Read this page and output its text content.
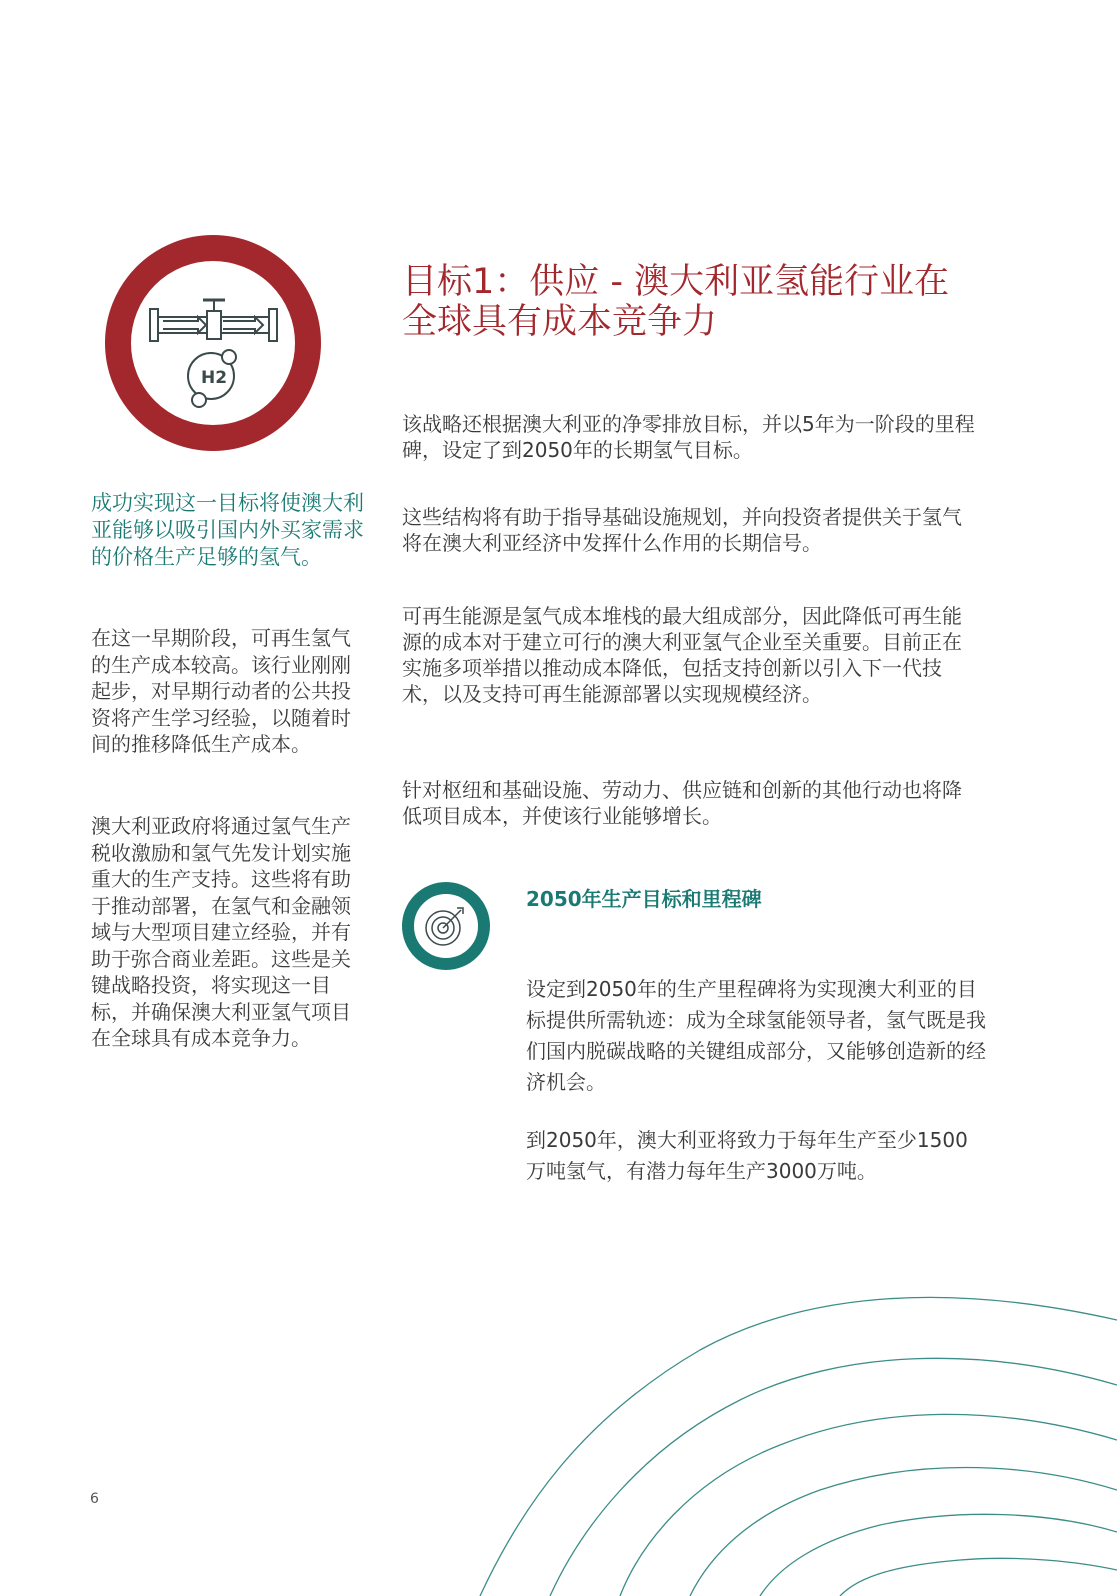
H2
目标1：供应 - 澳大利亚氢能行业在全球具有成本竞争力

成功实现这一目标将使澳大利亚能够以吸引国内外买家需求的价格生产足够的氢气。

在这一早期阶段，可再生氢气的生产成本较高。该行业刚刚起步，对早期行动者的公共投资将产生学习经验，以随着时间的推移降低生产成本。

澳大利亚政府将通过氢气生产税收激励和氢气先发计划实施重大的生产支持。这些将有助于推动部署，在氢气和金融领域与大型项目建立经验，并有助于弥合商业差距。这些是关键战略投资，将实现这一目标，并确保澳大利亚氢气项目在全球具有成本竞争力。

该战略还根据澳大利亚的净零排放目标，并以5年为一阶段的里程碑，设定了到2050年的长期氢气目标。

这些结构将有助于指导基础设施规划，并向投资者提供关于氢气将在澳大利亚经济中发挥什么作用的长期信号。

可再生能源是氢气成本堆栈的最大组成部分，因此降低可再生能源的成本对于建立可行的澳大利亚氢气企业至关重要。目前正在实施多项举措以推动成本降低，包括支持创新以引入下一代技术，以及支持可再生能源部署以实现规模经济。

针对枢纽和基础设施、劳动力、供应链和创新的其他行动也将降低项目成本，并使该行业能够增长。

2050年生产目标和里程碑

设定到2050年的生产里程碑将为实现澳大利亚的目标提供所需轨迹：成为全球氢能领导者，氢气既是我们国内脱碳战略的关键组成部分，又能够创造新的经济机会。

到2050年，澳大利亚将致力于每年生产至少1500万吨氢气，有潜力每年生产3000万吨。

6
